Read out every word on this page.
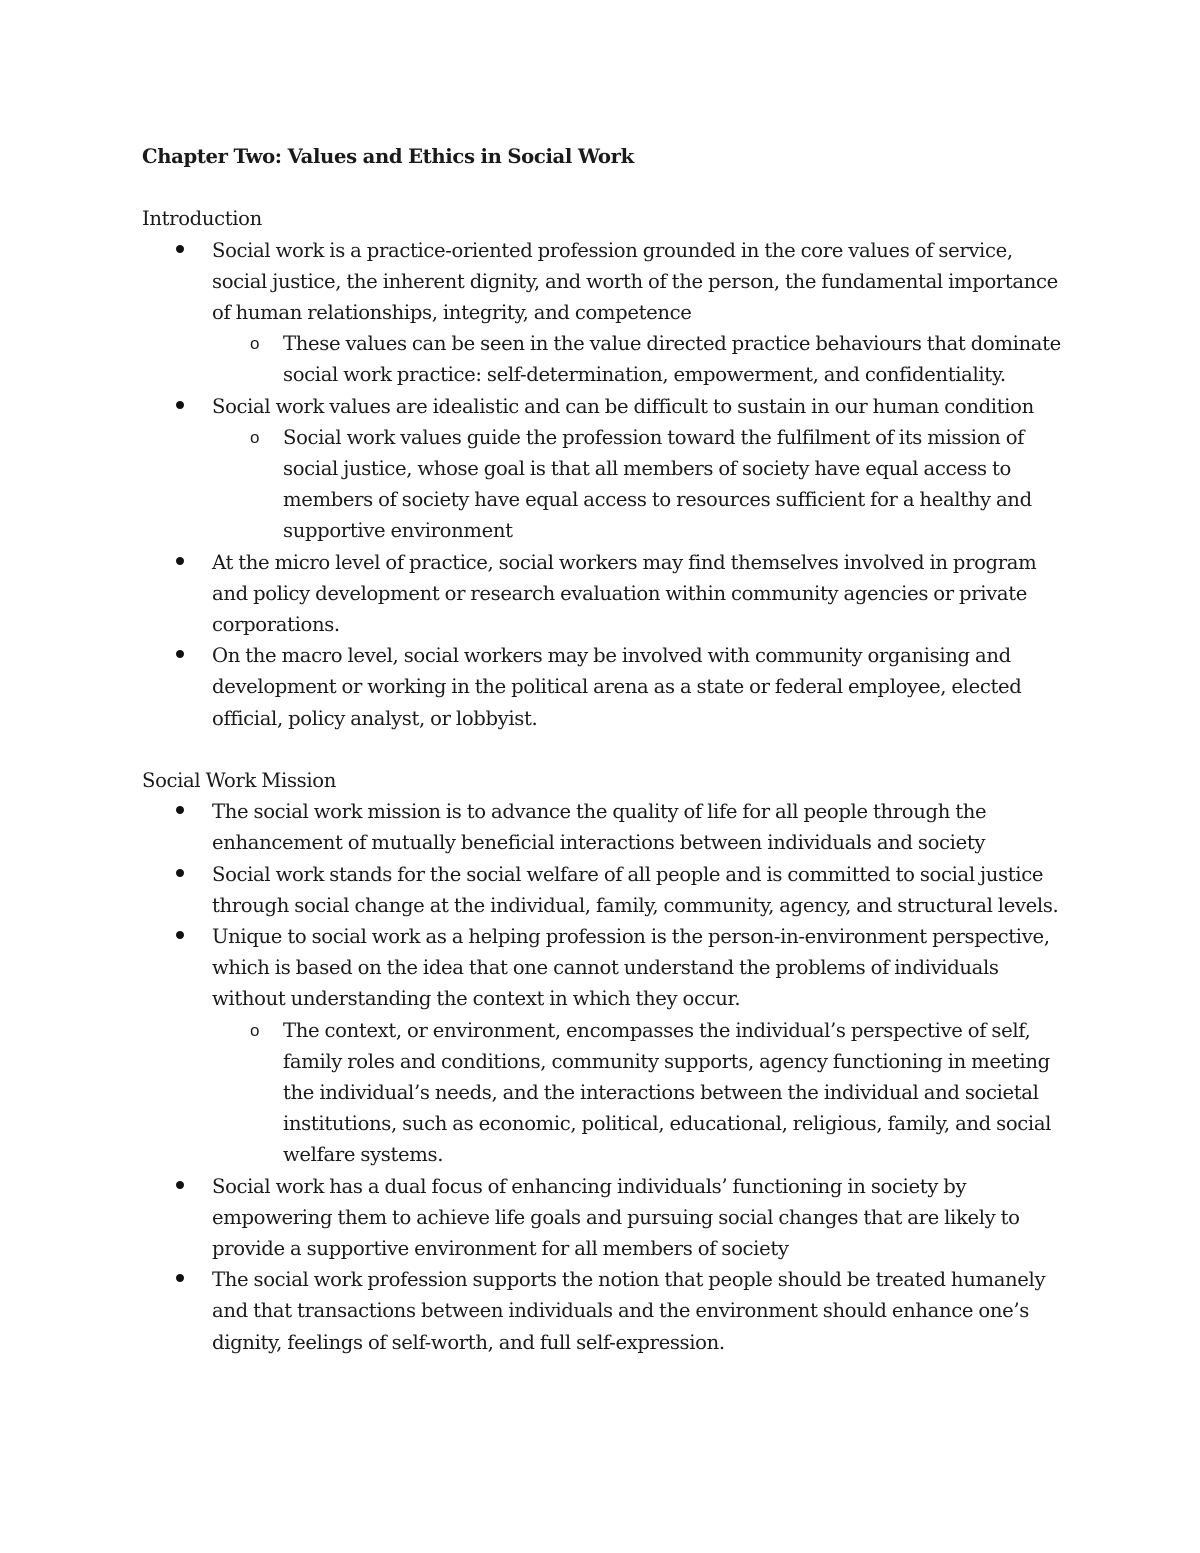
Chapter Two: Values and Ethics in Social Work
Introduction
Social work is a practice-oriented profession grounded in the core values of service, social justice, the inherent dignity, and worth of the person, the fundamental importance of human relationships, integrity, and competence
o These values can be seen in the value directed practice behaviours that dominate social work practice: self-determination, empowerment, and confidentiality.
Social work values are idealistic and can be difficult to sustain in our human condition
o Social work values guide the profession toward the fulfilment of its mission of social justice, whose goal is that all members of society have equal access to members of society have equal access to resources sufficient for a healthy and supportive environment
At the micro level of practice, social workers may find themselves involved in program and policy development or research evaluation within community agencies or private corporations.
On the macro level, social workers may be involved with community organising and development or working in the political arena as a state or federal employee, elected official, policy analyst, or lobbyist.
Social Work Mission
The social work mission is to advance the quality of life for all people through the enhancement of mutually beneficial interactions between individuals and society
Social work stands for the social welfare of all people and is committed to social justice through social change at the individual, family, community, agency, and structural levels.
Unique to social work as a helping profession is the person-in-environment perspective, which is based on the idea that one cannot understand the problems of individuals without understanding the context in which they occur.
o The context, or environment, encompasses the individual’s perspective of self, family roles and conditions, community supports, agency functioning in meeting the individual’s needs, and the interactions between the individual and societal institutions, such as economic, political, educational, religious, family, and social welfare systems.
Social work has a dual focus of enhancing individuals’ functioning in society by empowering them to achieve life goals and pursuing social changes that are likely to provide a supportive environment for all members of society
The social work profession supports the notion that people should be treated humanely and that transactions between individuals and the environment should enhance one’s dignity, feelings of self-worth, and full self-expression.
